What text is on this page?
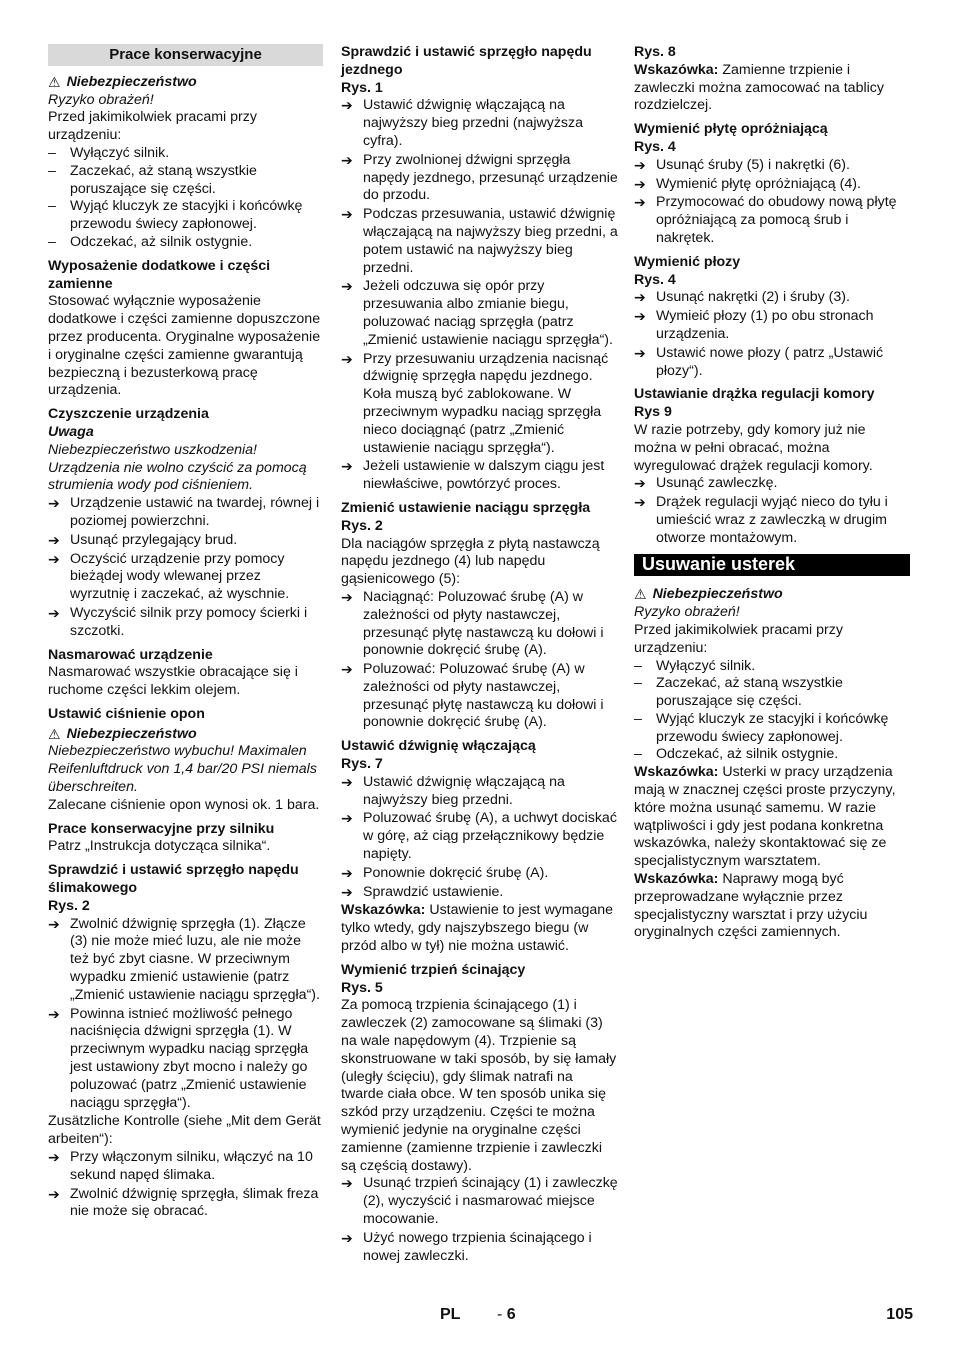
Prace konserwacyjne
⚠ Niebezpieczeństwo

Ryzyko obrażeń!

Przed jakimikolwiek pracami przy urządzeniu:

– Wyłączyć silnik.
– Zaczekać, aż staną wszystkie poruszające się części.
– Wyjąć kluczyk ze stacyjki i końcówkę przewodu świecy zapłonowej.
– Odczekać, aż silnik ostygnie.
Wyposażenie dodatkowe i części zamienne

Stosować wyłącznie wyposażenie dodatkowe i części zamienne dopuszczone przez producenta. Oryginalne wyposażenie i oryginalne części zamienne gwarantują bezpieczną i bezusterkową pracę urządzenia.

Czyszczenie urządzenia

Uwaga

Niebezpieczeństwo uszkodzenia! Urządzenia nie wolno czyścić za pomocą strumienia wody pod ciśnieniem.

➔ Urządzenie ustawić na twardej, równej i poziomej powierzchni.
➔ Usunąć przylegający brud.
➔ Oczyścić urządzenie przy pomocy bieżądej wody wlewanej przez wyrzutnię i zaczekać, aż wyschnie.
➔ Wyczyścić silnik przy pomocy ścierki i szczotki.
Nasmarować urządzenie

Nasmarować wszystkie obracające się i ruchome części lekkim olejem.

Ustawić ciśnienie opon
⚠ Niebezpieczeństwo

Niebezpieczeństwo wybuchu! Maximalen Reifenluftdruck von 1,4 bar/20 PSI niemals überschreiten.

Zalecane ciśnienie opon wynosi ok. 1 bara.

Prace konserwacyjne przy silniku

Patrz „Instrukcja dotycząca silnika“.

Sprawdzić i ustawić sprzęgło napędu ślimakowego
Rys. 2
➔ Zwolnić dźwignię sprzęgła (1). Złącze (3) nie może mieć luzu, ale nie może też być zbyt ciasne. W przeciwnym wypadku zmienić ustawienie (patrz „Zmienić ustawienie naciągu sprzęgła“).
➔ Powinna istnieć możliwość pełnego naciśnięcia dźwigni sprzęgła (1). W przeciwnym wypadku naciąg sprzęgła jest ustawiony zbyt mocno i należy go poluzować (patrz „Zmienić ustawienie naciągu sprzęgła“).

Zusätzliche Kontrolle (siehe „Mit dem Gerät arbeiten“):

➔ Przy włączonym silniku, włączyć na 10 sekund napęd ślimaka.
➔ Zwolnić dźwignię sprzęgła, ślimak freza nie może się obracać.
Sprawdzić i ustawić sprzęgło napędu jezdnego
Rys. 1
➔ Ustawić dźwignię włączającą na najwyższy bieg przedni (najwyższa cyfra).
➔ Przy zwolnionej dźwigni sprzęgła napędy jezdnego, przesunąć urządzenie do przodu.
➔ Podczas przesuwania, ustawić dźwignię włączającą na najwyższy bieg przedni, a potem ustawić na najwyższy bieg przedni.
➔ Jeżeli odczuwa się opór przy przesuwania albo zmianie biegu, poluzować naciąg sprzęgła (patrz „Zmienić ustawienie naciągu sprzęgła“).
➔ Przy przesuwaniu urządzenia nacisnąć dźwignię sprzęgła napędu jezdnego. Koła muszą być zablokowane. W przeciwnym wypadku naciąg sprzęgła nieco dociągnąć (patrz „Zmienić ustawienie naciągu sprzęgła“).
➔ Jeżeli ustawienie w dalszym ciągu jest niewłaściwe, powtórzyć proces.
Zmienić ustawienie naciągu sprzęgła
Rys. 2

Dla naciągów sprzęgła z płytą nastawczą napędu jezdnego (4) lub napędu gąsienicowego (5):

➔ Naciągnąć: Poluzować śrubę (A) w zależności od płyty nastawczej, przesunąć płytę nastawczą ku dołowi i ponownie dokręcić śrubę (A).
➔ Poluzować: Poluzować śrubę (A) w zależności od płyty nastawczej, przesunąć płytę nastawczą ku dołowi i ponownie dokręcić śrubę (A).
Ustawić dźwignię włączającą
Rys. 7
➔ Ustawić dźwignię włączającą na najwyższy bieg przedni.
➔ Poluzować śrubę (A), a uchwyt dociskać w górę, aż ciąg przełącznikowy będzie napięty.
➔ Ponownie dokręcić śrubę (A).
➔ Sprawdzić ustawienie.

Wskazówka: Ustawienie to jest wymagane tylko wtedy, gdy najszybszego biegu (w przód albo w tył) nie można ustawić.

Wymienić trzpień ścinający
Rys. 5

Za pomocą trzpienia ścinającego (1) i zawleczek (2) zamocowane są ślimaki (3) na wale napędowym (4). Trzpienie są skonstruowane w taki sposób, by się łamały (uległy ścięciu), gdy ślimak natrafi na twarde ciała obce. W ten sposób unika się szkód przy urządzeniu. Części te można wymienić jedynie na oryginalne części zamienne (zamienne trzpienie i zawleczki są częścią dostawy).

➔ Usunąć trzpień ścinający (1) i zawleczkę (2), wyczyścić i nasmarować miejsce mocowanie.
➔ Użyć nowego trzpienia ścinającego i nowej zawleczki.
Rys. 8

Wskazówka: Zamienne trzpienie i zawleczki można zamocować na tablicy rozdzielczej.

Wymienić płytę opróżniającą
Rys. 4
➔ Usunąć śruby (5) i nakrętki (6).
➔ Wymienić płytę opróżniającą (4).
➔ Przymocować do obudowy nową płytę opróżniającą za pomocą śrub i nakrętek.
Wymienić płozy
Rys. 4
➔ Usunąć nakrętki (2) i śruby (3).
➔ Wymieić płozy (1) po obu stronach urządzenia.
➔ Ustawić nowe płozy ( patrz „Ustawić płozy“).
Ustawianie drążka regulacji komory
Rys 9

W razie potrzeby, gdy komory już nie można w pełni obracać, można wyregulować drążek regulacji komory.

➔ Usunąć zawleczkę.
➔ Drążek regulacji wyjąć nieco do tyłu i umieścić wraz z zawleczką w drugim otworze montażowym.
Usuwanie usterek
⚠ Niebezpieczeństwo

Ryzyko obrażeń!

Przed jakimikolwiek pracami przy urządzeniu:

– Wyłączyć silnik.
– Zaczekać, aż staną wszystkie poruszające się części.
– Wyjąć kluczyk ze stacyjki i końcówkę przewodu świecy zapłonowej.
– Odczekać, aż silnik ostygnie.

Wskazówka: Usterki w pracy urządzenia mają w znacznej części proste przyczyny, które można usunąć samemu. W razie wątpliwości i gdy jest podana konkretna wskazówka, należy skontaktować się ze specjalistycznym warsztatem.

Wskazówka: Naprawy mogą być przeprowadzane wyłącznie przez specjalistyczny warsztat i przy użyciu oryginalnych części zamiennych.

PL - 6	105
